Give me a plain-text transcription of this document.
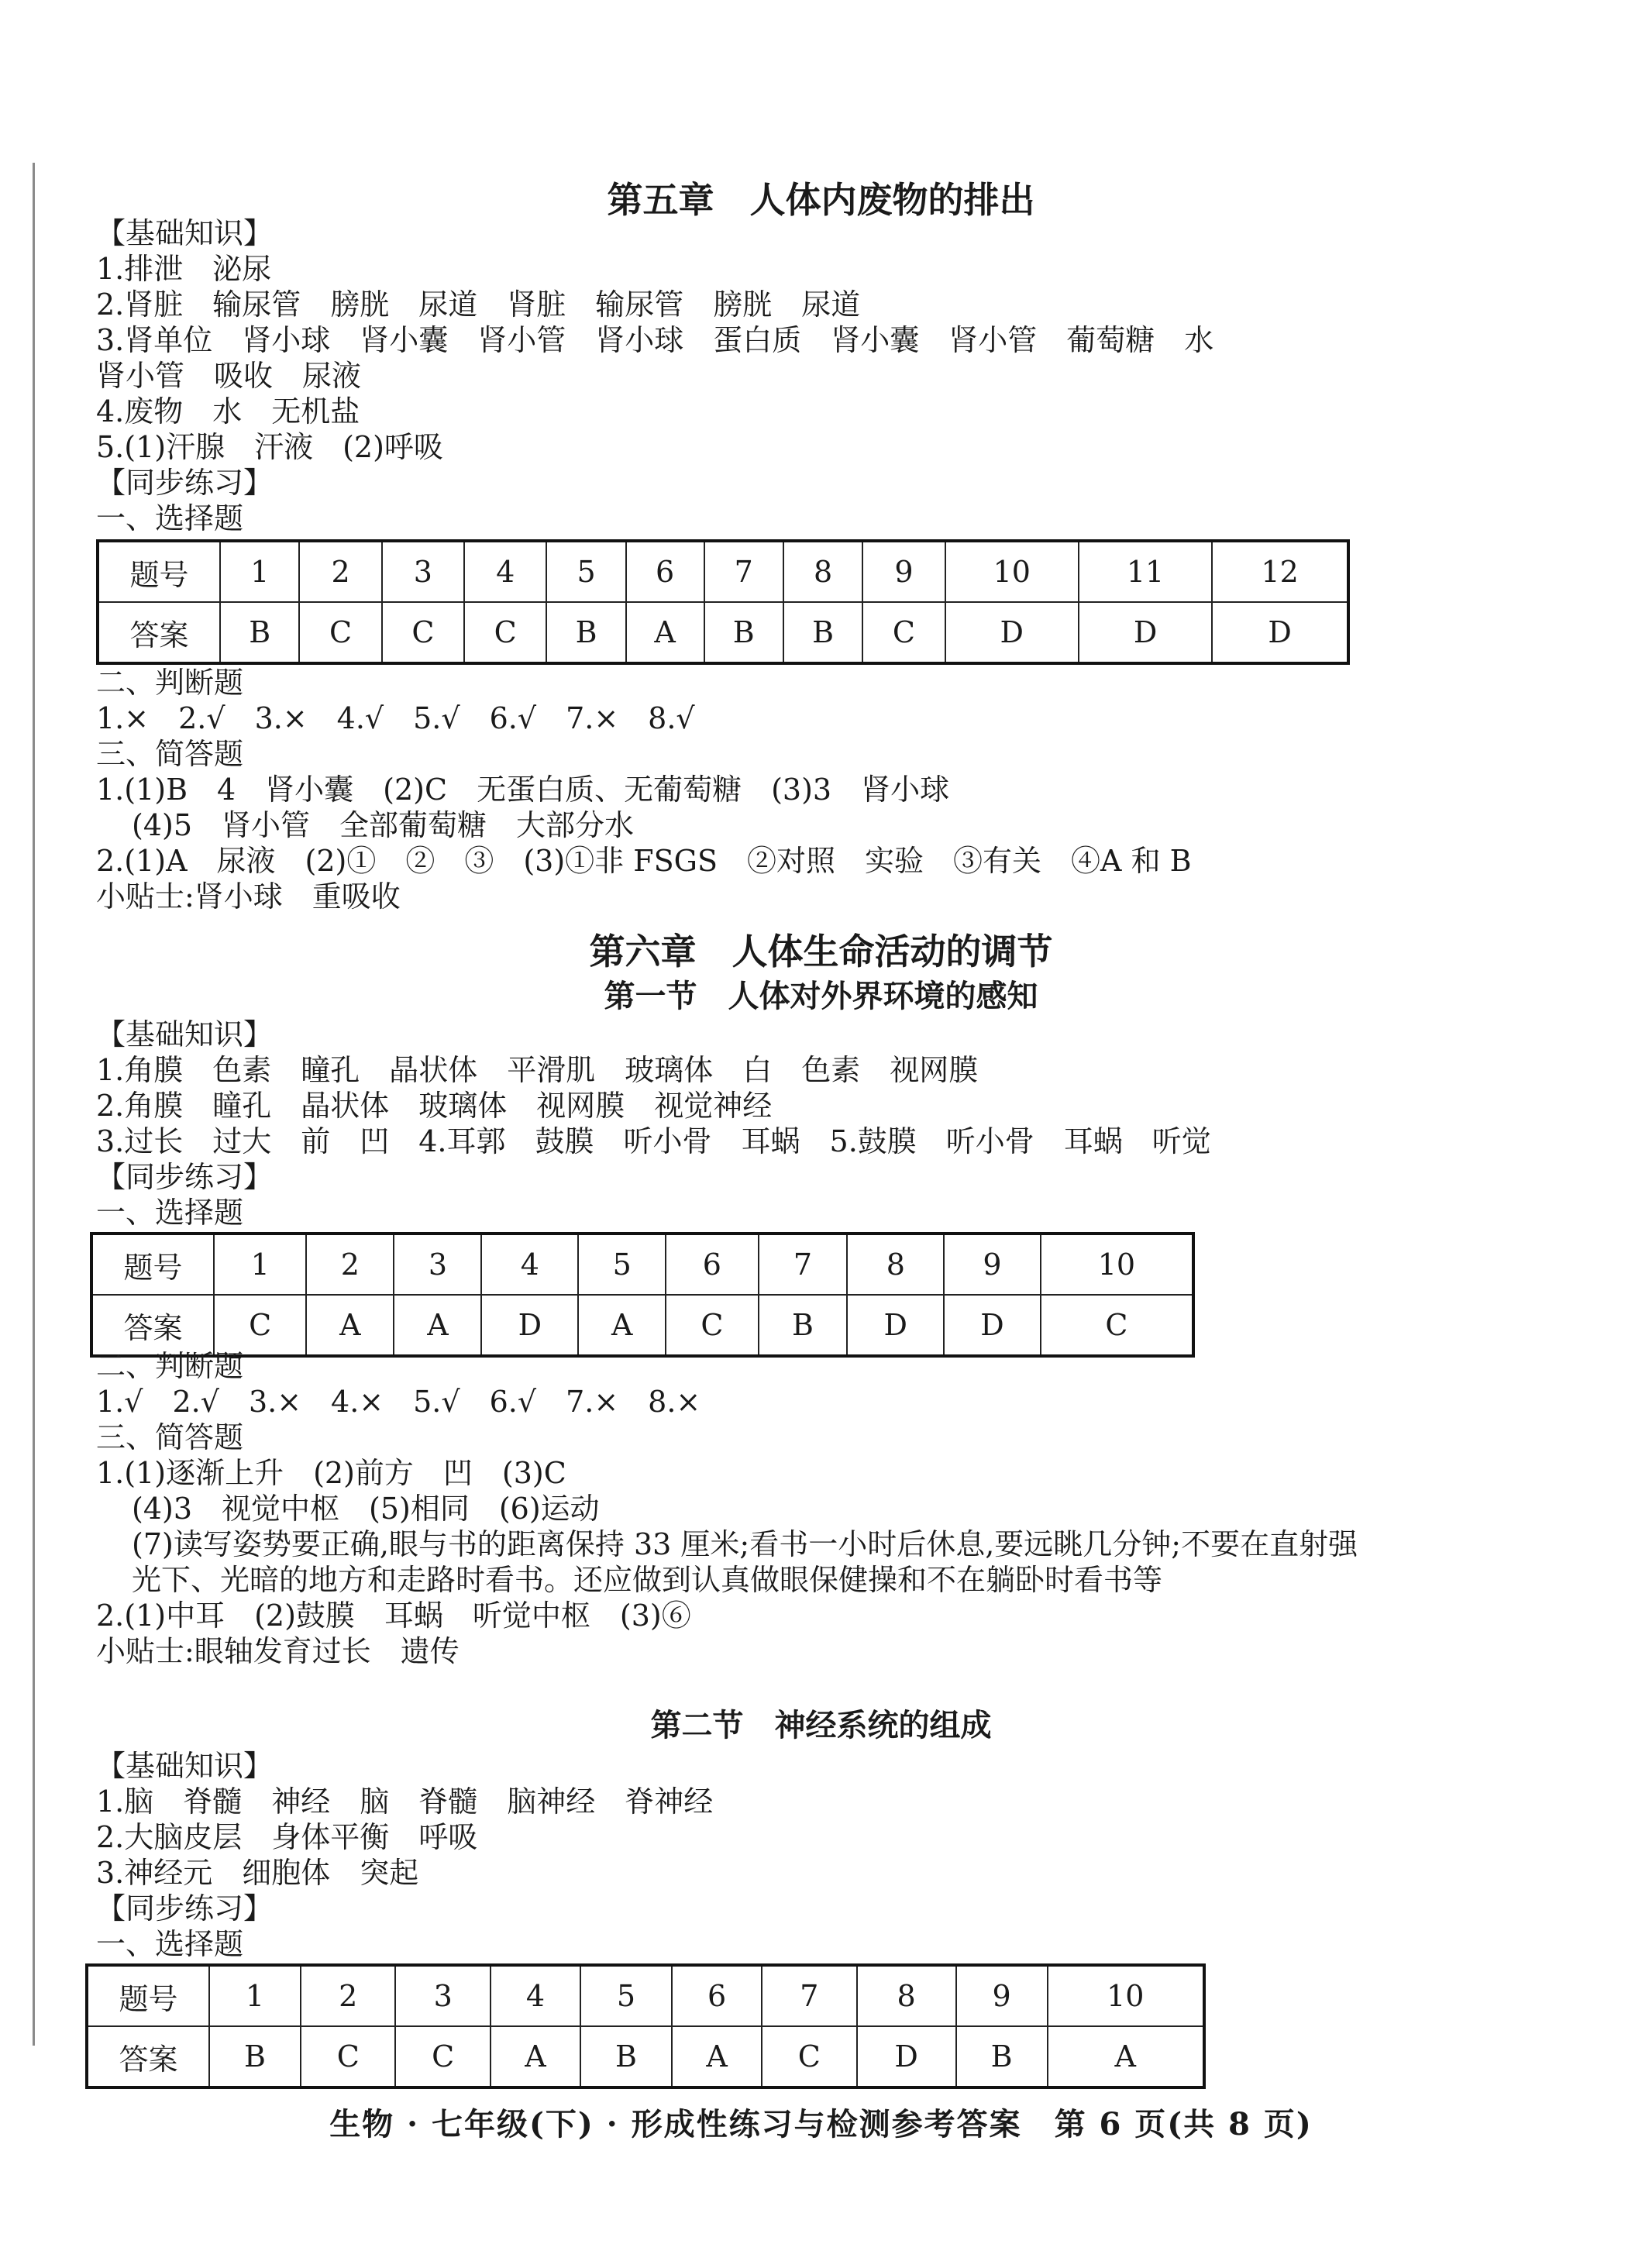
第五章　人体内废物的排出
【基础知识】
1.排泄　泌尿
2.肾脏　输尿管　膀胱　尿道　肾脏　输尿管　膀胱　尿道
3.肾单位　肾小球　肾小囊　肾小管　肾小球　蛋白质　肾小囊　肾小管　葡萄糖　水
肾小管　吸收　尿液
4.废物　水　无机盐
5.(1)汗腺　汗液　(2)呼吸
【同步练习】
一、选择题
题号	1	2	3	4	5	6	7	8	9	10	11	12
答案	B	C	C	C	B	A	B	B	C	D	D	D
二、判断题
1.×　2.√　3.×　4.√　5.√　6.√　7.×　8.√
三、简答题
1.(1)B　4　肾小囊　(2)C　无蛋白质、无葡萄糖　(3)3　肾小球
(4)5　肾小管　全部葡萄糖　大部分水
2.(1)A　尿液　(2)①　②　③　(3)①非 FSGS　②对照　实验　③有关　④A 和 B
小贴士:肾小球　重吸收
第六章　人体生命活动的调节
第一节　人体对外界环境的感知
【基础知识】
1.角膜　色素　瞳孔　晶状体　平滑肌　玻璃体　白　色素　视网膜
2.角膜　瞳孔　晶状体　玻璃体　视网膜　视觉神经
3.过长　过大　前　凹　4.耳郭　鼓膜　听小骨　耳蜗　5.鼓膜　听小骨　耳蜗　听觉
【同步练习】
一、选择题
题号	1	2	3	4	5	6	7	8	9	10
答案	C	A	A	D	A	C	B	D	D	C
二、判断题
1.√　2.√　3.×　4.×　5.√　6.√　7.×　8.×
三、简答题
1.(1)逐渐上升　(2)前方　凹　(3)C
(4)3　视觉中枢　(5)相同　(6)运动
(7)读写姿势要正确,眼与书的距离保持 33 厘米;看书一小时后休息,要远眺几分钟;不要在直射强光下、光暗的地方和走路时看书。还应做到认真做眼保健操和不在躺卧时看书等
2.(1)中耳　(2)鼓膜　耳蜗　听觉中枢　(3)⑥
小贴士:眼轴发育过长　遗传
第二节　神经系统的组成
【基础知识】
1.脑　脊髓　神经　脑　脊髓　脑神经　脊神经
2.大脑皮层　身体平衡　呼吸
3.神经元　细胞体　突起
【同步练习】
一、选择题
题号	1	2	3	4	5	6	7	8	9	10
答案	B	C	C	A	B	A	C	D	B	A
生物 · 七年级(下) · 形成性练习与检测参考答案　第 6 页(共 8 页)
